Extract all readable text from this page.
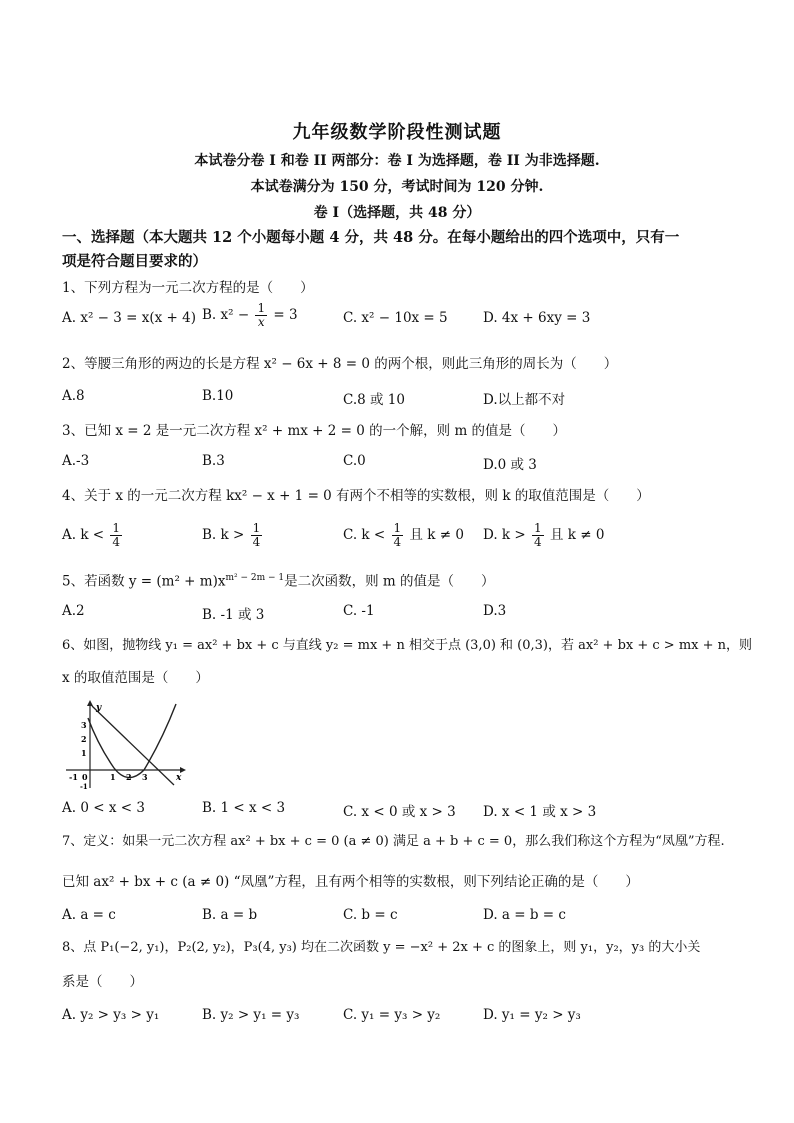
九年级数学阶段性测试题
本试卷分卷 I 和卷 II 两部分：卷 I 为选择题，卷 II 为非选择题.
本试卷满分为 150 分，考试时间为 120 分钟.
卷 I（选择题，共 48 分）
一、选择题（本大题共 12 个小题每小题 4 分，共 48 分。在每小题给出的四个选项中，只有一
项是符合题目要求的）
1、下列方程为一元二次方程的是（　　）
A. x² − 3 = x(x + 4) B. $x^2 - \frac{1}{x} = 3$	C. x² − 10x = 5	D. 4x + 6xy = 3
2、等腰三角形的两边的长是方程 x² − 6x + 8 = 0 的两个根，则此三角形的周长为（　　）
A.8	B.10	C.8 或 10	D.以上都不对
3、已知 x = 2 是一元二次方程 x² + mx + 2 = 0 的一个解，则 m 的值是（　　）
A.-3	B.3	C.0	D.0 或 3
4、关于 x 的一元二次方程 kx² − x + 1 = 0 有两个不相等的实数根，则 k 的取值范围是（　　）
A. $k < \frac{1}{4}$	B. $k > \frac{1}{4}$	C. $k < \frac{1}{4}$ 且 k ≠ 0 D. $k > \frac{1}{4}$ 且 k ≠ 0
5、若函数 $y = (m^2 + m)x^{m^2 - 2m - 1}$是二次函数，则 m 的值是（　　）
A.2	B. -1 或 3	C. -1	D.3
6、如图，抛物线 y₁ = ax² + bx + c 与直线 y₂ = mx + n 相交于点 (3,0) 和 (0,3)，若 ax² + bx + c > mx + n，则
x 的取值范围是（　　）
y
x
3
2
1
-1 0	1 2 3
-1
A. 0 < x < 3	B. 1 < x < 3	C. x < 0 或 x > 3 D. x < 1 或 x > 3
7、定义：如果一元二次方程 ax² + bx + c = 0 (a ≠ 0) 满足 a + b + c = 0，那么我们称这个方程为“凤凰”方程.
已知 ax² + bx + c (a ≠ 0) “凤凰”方程，且有两个相等的实数根，则下列结论正确的是（　　）
A. a = c	B. a = b	C. b = c	D. a = b = c
8、点 P₁(−2, y₁)，P₂(2, y₂)，P₃(4, y₃) 均在二次函数 y = −x² + 2x + c 的图象上，则 y₁，y₂，y₃ 的大小关
系是（　　）
A. y₂ > y₃ > y₁	B. y₂ > y₁ = y₃	C. y₁ = y₃ > y₂	D. y₁ = y₂ > y₃
